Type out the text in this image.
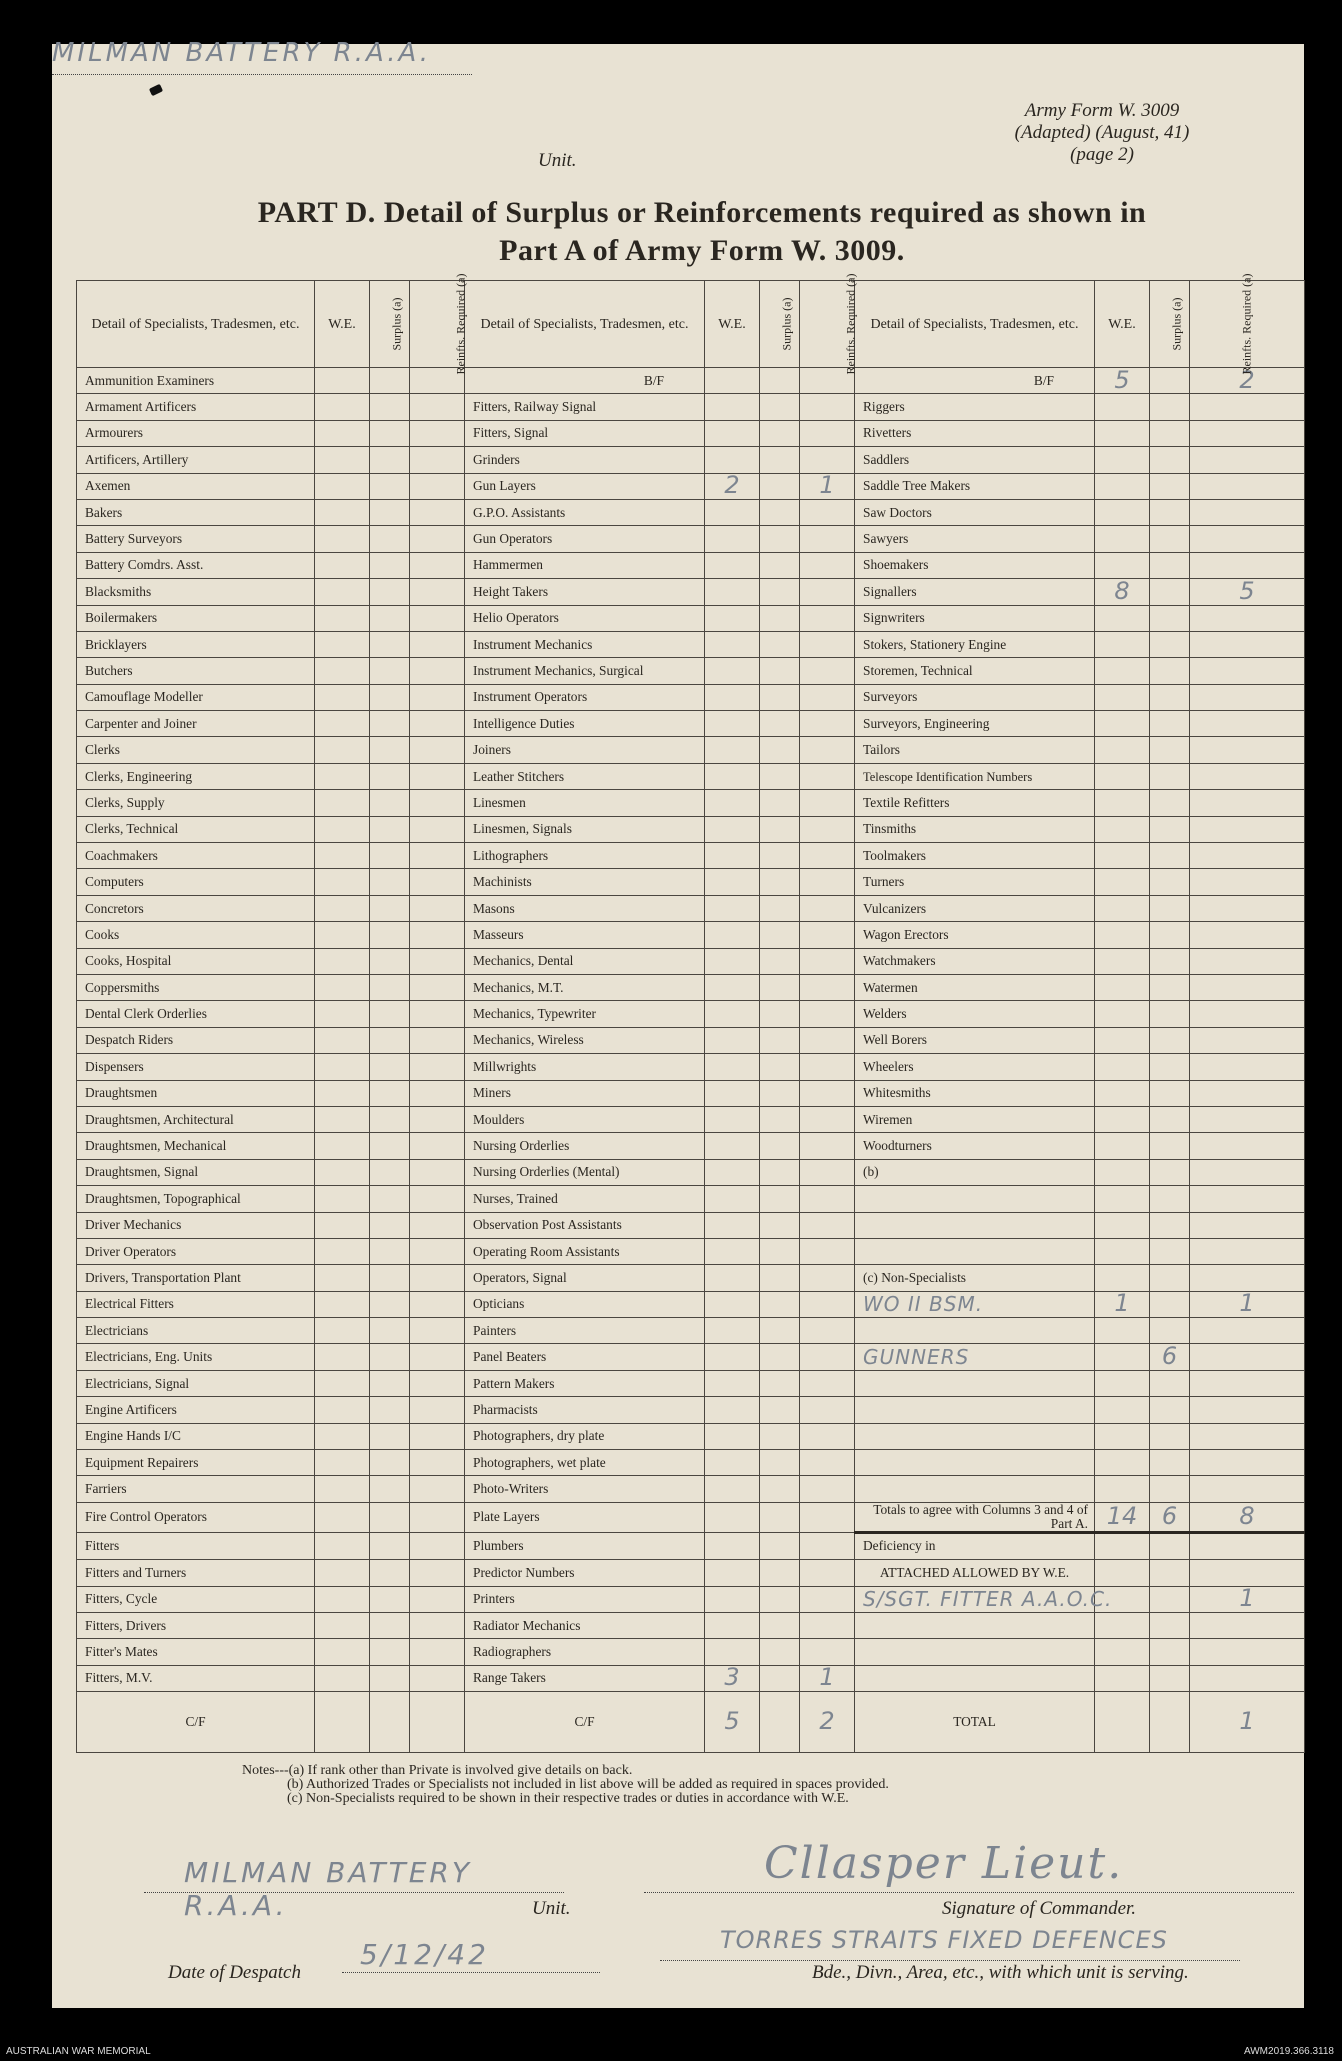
MILMAN BATTERY R.A.A.
Unit.
Army Form W. 3009
(Adapted) (August, 41)
(page 2)
PART D. Detail of Surplus or Reinforcements required as shown in
Part A of Army Form W. 3009.
Detail of Specialists, Tradesmen, etc.	W.E.	Surplus (a)	Reinfts. Required (a)	Detail of Specialists, Tradesmen, etc.	W.E.	Surplus (a)	Reinfts. Required (a)	Detail of Specialists, Tradesmen, etc.	W.E.	Surplus (a)	Reinfts. Required (a)
Ammunition Examiners				B/F				B/F	5		2
Armament Artificers				Fitters, Railway Signal				Riggers			
Armourers				Fitters, Signal				Rivetters			
Artificers, Artillery				Grinders				Saddlers			
Axemen				Gun Layers	2		1	Saddle Tree Makers			
Bakers				G.P.O. Assistants				Saw Doctors			
Battery Surveyors				Gun Operators				Sawyers			
Battery Comdrs. Asst.				Hammermen				Shoemakers			
Blacksmiths				Height Takers				Signallers	8		5
Boilermakers				Helio Operators				Signwriters			
Bricklayers				Instrument Mechanics				Stokers, Stationery Engine			
Butchers				Instrument Mechanics, Surgical				Storemen, Technical			
Camouflage Modeller				Instrument Operators				Surveyors			
Carpenter and Joiner				Intelligence Duties				Surveyors, Engineering			
Clerks				Joiners				Tailors			
Clerks, Engineering				Leather Stitchers				Telescope Identification Numbers			
Clerks, Supply				Linesmen				Textile Refitters			
Clerks, Technical				Linesmen, Signals				Tinsmiths			
Coachmakers				Lithographers				Toolmakers			
Computers				Machinists				Turners			
Concretors				Masons				Vulcanizers			
Cooks				Masseurs				Wagon Erectors			
Cooks, Hospital				Mechanics, Dental				Watchmakers			
Coppersmiths				Mechanics, M.T.				Watermen			
Dental Clerk Orderlies				Mechanics, Typewriter				Welders			
Despatch Riders				Mechanics, Wireless				Well Borers			
Dispensers				Millwrights				Wheelers			
Draughtsmen				Miners				Whitesmiths			
Draughtsmen, Architectural				Moulders				Wiremen			
Draughtsmen, Mechanical				Nursing Orderlies				Woodturners			
Draughtsmen, Signal				Nursing Orderlies (Mental)				(b)			
Draughtsmen, Topographical				Nurses, Trained							
Driver Mechanics				Observation Post Assistants							
Driver Operators				Operating Room Assistants							
Drivers, Transportation Plant				Operators, Signal				(c) Non-Specialists			
Electrical Fitters				Opticians				WO II BSM.	1		1
Electricians				Painters							
Electricians, Eng. Units				Panel Beaters				GUNNERS		6	
Electricians, Signal				Pattern Makers							
Engine Artificers				Pharmacists							
Engine Hands I/C				Photographers, dry plate							
Equipment Repairers				Photographers, wet plate							
Farriers				Photo-Writers							
Fire Control Operators				Plate Layers				Totals to agree with Columns 3 and 4 of Part A.	14	6	8
Fitters				Plumbers				Deficiency in			
Fitters and Turners				Predictor Numbers				ATTACHED ALLOWED BY W.E.			
Fitters, Cycle				Printers				S/SGT. FITTER A.A.O.C.			1
Fitters, Drivers				Radiator Mechanics							
Fitter's Mates				Radiographers							
Fitters, M.V.				Range Takers	3		1				
C/F				C/F	5		2	TOTAL			1
Notes---(a) If rank other than Private is involved give details on back.
(b) Authorized Trades or Specialists not included in list above will be added as required in spaces provided.
(c) Non-Specialists required to be shown in their respective trades or duties in accordance with W.E.
MILMAN BATTERY R.A.A.	Unit.
Cllasper Lieut.
Signature of Commander.
Date of Despatch
5/12/42	TORRES STRAITS FIXED DEFENCES
Bde., Divn., Area, etc., with which unit is serving.
AUSTRALIAN WAR MEMORIAL	AWM2019.366.3118
